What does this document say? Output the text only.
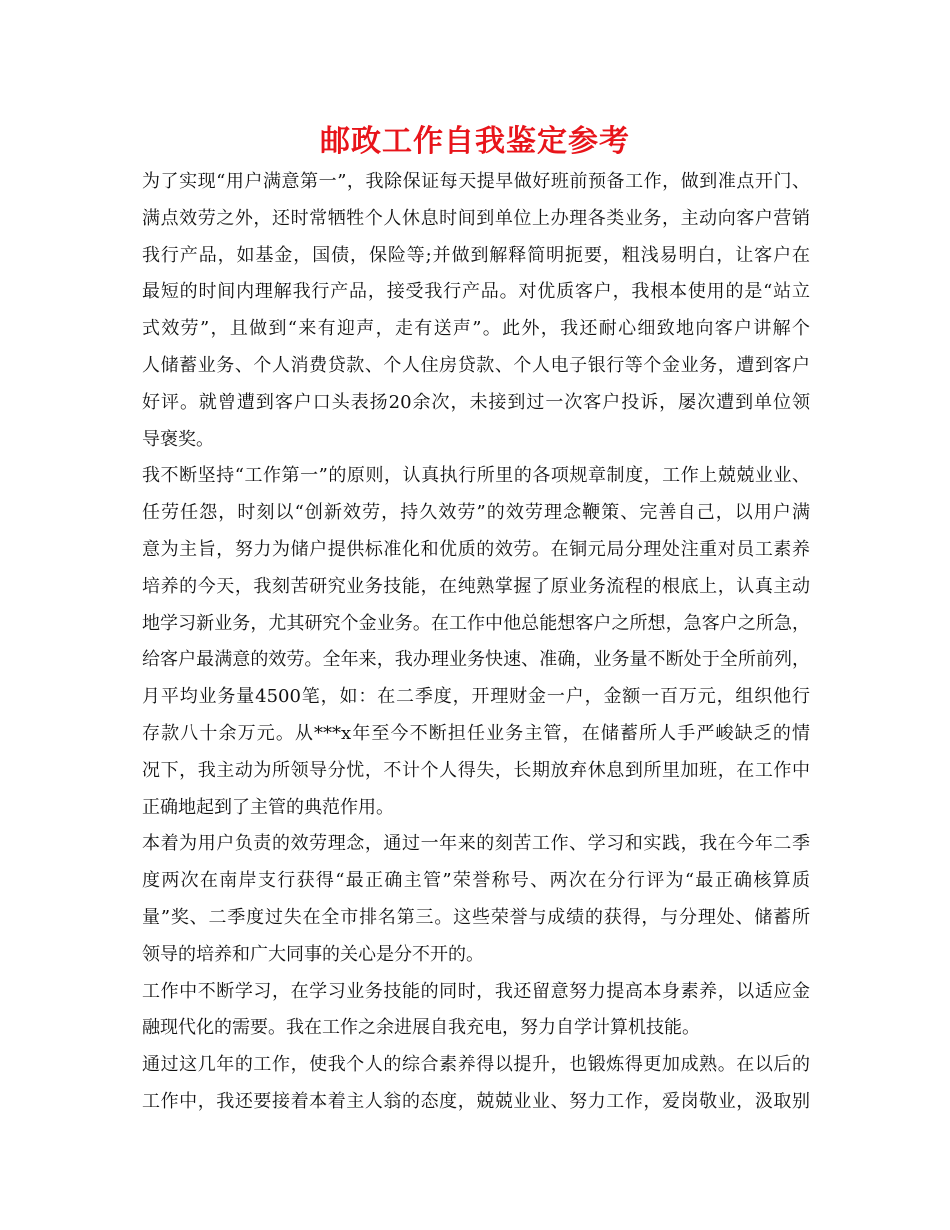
邮政工作自我鉴定参考
为了实现“用户满意第一”，我除保证每天提早做好班前预备工作，做到准点开门、
满点效劳之外，还时常牺牲个人休息时间到单位上办理各类业务，主动向客户营销
我行产品，如基金，国债，保险等;并做到解释简明扼要，粗浅易明白，让客户在
最短的时间内理解我行产品，接受我行产品。对优质客户，我根本使用的是“站立
式效劳”，且做到“来有迎声，走有送声”。此外，我还耐心细致地向客户讲解个
人储蓄业务、个人消费贷款、个人住房贷款、个人电子银行等个金业务，遭到客户
好评。就曾遭到客户口头表扬20余次，未接到过一次客户投诉，屡次遭到单位领
导褒奖。
我不断坚持“工作第一”的原则，认真执行所里的各项规章制度，工作上兢兢业业、
任劳任怨，时刻以“创新效劳，持久效劳”的效劳理念鞭策、完善自己，以用户满
意为主旨，努力为储户提供标准化和优质的效劳。在铜元局分理处注重对员工素养
培养的今天，我刻苦研究业务技能，在纯熟掌握了原业务流程的根底上，认真主动
地学习新业务，尤其研究个金业务。在工作中他总能想客户之所想，急客户之所急，
给客户最满意的效劳。全年来，我办理业务快速、准确，业务量不断处于全所前列，
月平均业务量4500笔，如：在二季度，开理财金一户，金额一百万元，组织他行
存款八十余万元。从***x年至今不断担任业务主管，在储蓄所人手严峻缺乏的情
况下，我主动为所领导分忧，不计个人得失，长期放弃休息到所里加班，在工作中
正确地起到了主管的典范作用。
本着为用户负责的效劳理念，通过一年来的刻苦工作、学习和实践，我在今年二季
度两次在南岸支行获得“最正确主管”荣誉称号、两次在分行评为“最正确核算质
量”奖、二季度过失在全市排名第三。这些荣誉与成绩的获得，与分理处、储蓄所
领导的培养和广大同事的关心是分不开的。
工作中不断学习，在学习业务技能的同时，我还留意努力提高本身素养，以适应金
融现代化的需要。我在工作之余进展自我充电，努力自学计算机技能。
通过这几年的工作，使我个人的综合素养得以提升，也锻炼得更加成熟。在以后的
工作中，我还要接着本着主人翁的态度，兢兢业业、努力工作，爱岗敬业，汲取别
